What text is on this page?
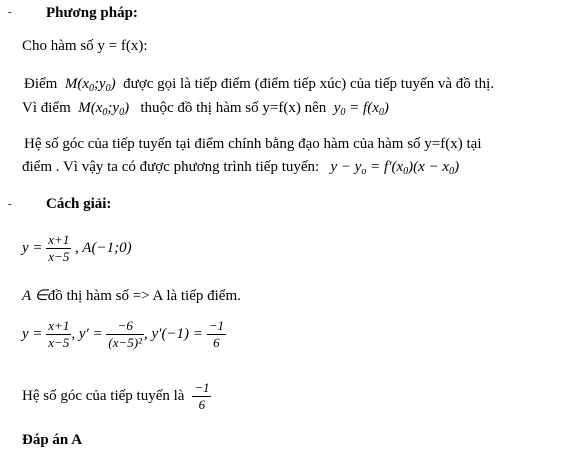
- Phương pháp:
Cho hàm số y = f(x):
Điểm  $M(x_0;y_0)$  được gọi là tiếp điểm (điểm tiếp xúc) của tiếp tuyến và đồ thị.
Vì điểm  $M(x_0;y_0)$   thuộc đồ thị hàm số y=f(x) nên  $y_0 = f(x_0)$
Hệ số góc của tiếp tuyến tại điểm chính bằng đạo hàm của hàm số y=f(x) tại
điểm . Vì vậy ta có được phương trình tiếp tuyến:   $y - y_o = f'(x_0)(x - x_0)$
- Cách giải:
$y = \frac{x+1}{x-5}$ , A(−1;0)
A ∈đồ thị hàm số => A là tiếp điểm.
$y = \frac{x+1}{x-5}$ , $y' = \frac{-6}{\text{(x−5)²}}$ , $y'(-1) = \frac{-1}{6}$
Hệ số góc của tiếp tuyến là $\frac{-1}{6}$
Đáp án A
